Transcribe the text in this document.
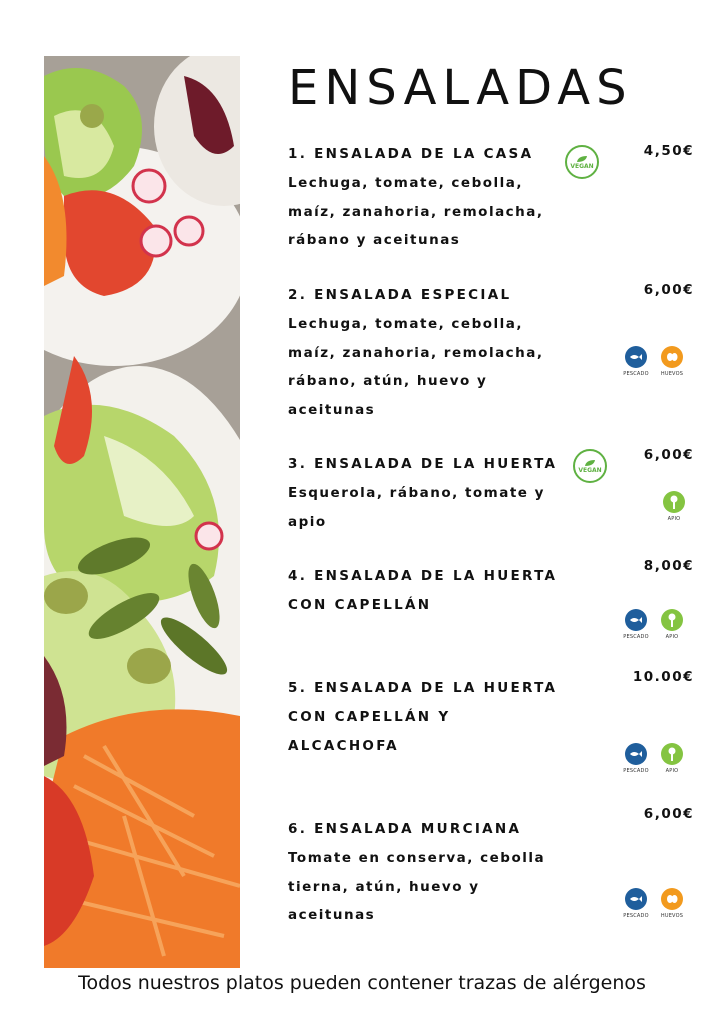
ENSALADAS
1. ENSALADA DE LA CASA
Lechuga, tomate, cebolla,
maíz, zanahoria, remolacha,
rábano y aceitunas
VEGAN
4,50€
2. ENSALADA ESPECIAL
Lechuga, tomate, cebolla,
maíz, zanahoria, remolacha,
rábano, atún, huevo y
aceitunas
6,00€
PESCADO HUEVOS
3. ENSALADA DE LA HUERTA
Esquerola, rábano, tomate y
apio
VEGAN
6,00€
APIO
4. ENSALADA DE LA HUERTA
CON CAPELLÁN
8,00€
PESCADO	APIO
5. ENSALADA DE LA HUERTA
CON CAPELLÁN Y
ALCACHOFA
10.00€
PESCADO	APIO
6. ENSALADA MURCIANA
Tomate en conserva, cebolla
tierna, atún, huevo y
aceitunas
6,00€
PESCADO HUEVOS
Todos nuestros platos pueden contener trazas de alérgenos
